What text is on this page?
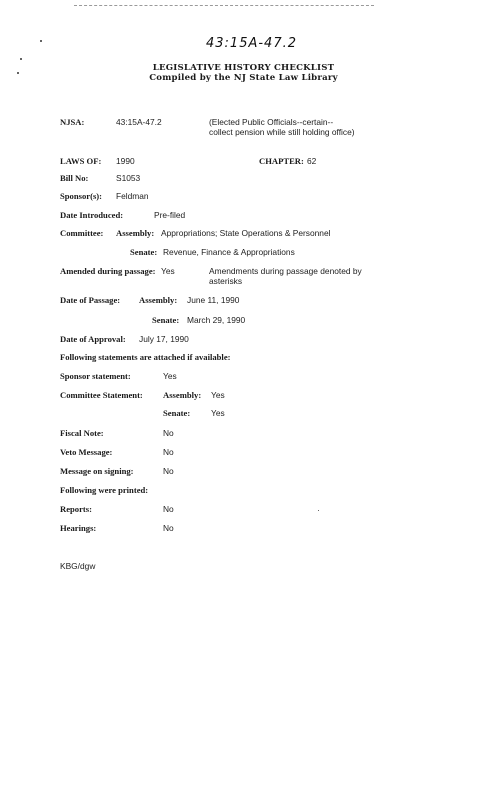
43:15A-47.2
LEGISLATIVE HISTORY CHECKLIST
Compiled by the NJ State Law Library
NJSA:	43:15A-47.2	(Elected Public Officials--certain--
collect pension while still holding office)
LAWS OF: 1990	CHAPTER: 62
Bill No:	S1053
Sponsor(s): Feldman
Date Introduced:	Pre-filed
Committee: Assembly: Appropriations; State Operations & Personnel
Senate: Revenue, Finance & Appropriations
Amended during passage: Yes	Amendments during passage denoted by
asterisks
Date of Passage: Assembly: June 11, 1990
Senate: March 29, 1990
Date of Approval: July 17, 1990
Following statements are attached if available:
Sponsor statement:	Yes
Committee Statement: Assembly: Yes
Senate: Yes
Fiscal Note:	No
Veto Message:	No
Message on signing:	No
Following were printed:
Reports:	No
Hearings:	No
KBG/dgw
